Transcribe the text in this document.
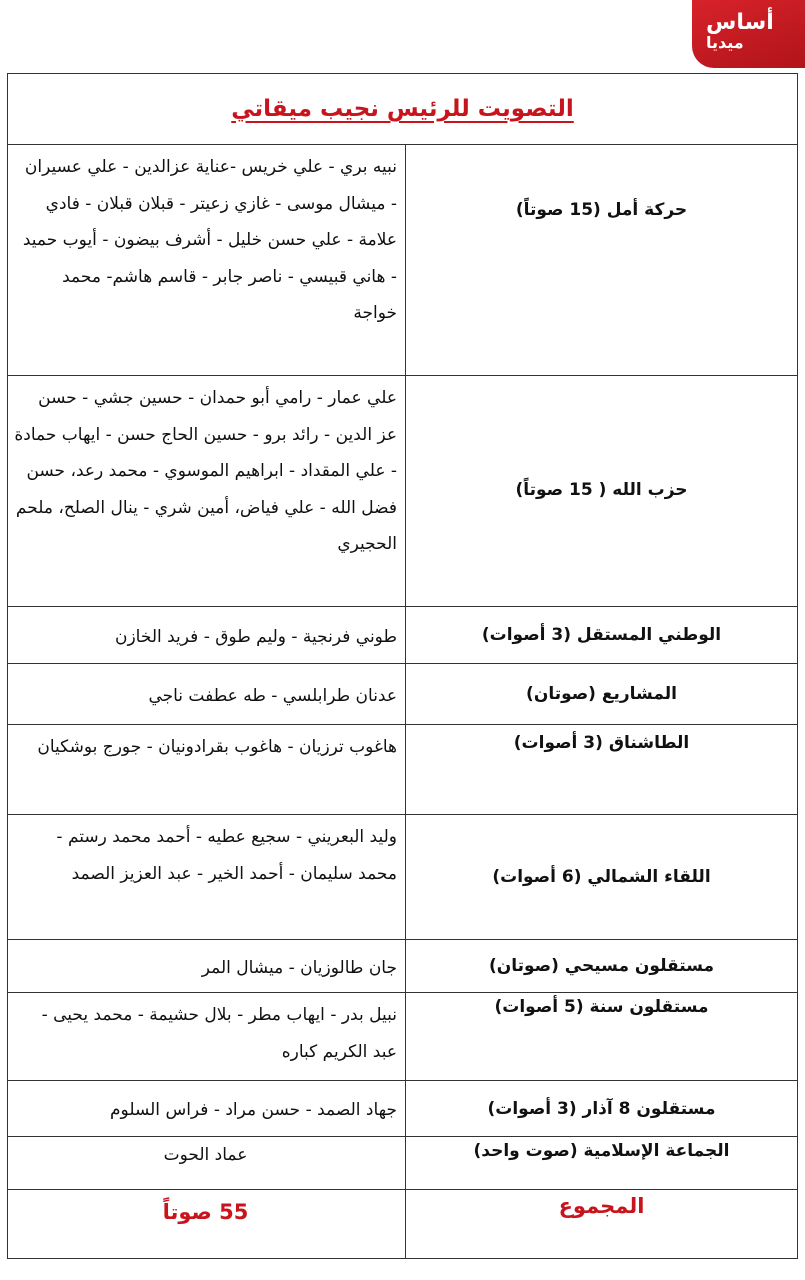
أساس
ميديا
التصويت للرئيس نجيب ميقاتي
حركة أمل (15 صوتاً)
نبيه بري - علي خريس -عناية عزالدين - علي عسيران - ميشال موسى - غازي زعيتر - قبلان قبلان - فادي علامة - علي حسن خليل - أشرف بيضون - أيوب حميد - هاني قبيسي - ناصر جابر - قاسم هاشم- محمد خواجة
حزب الله ( 15 صوتاً)
علي عمار - رامي أبو حمدان - حسين جشي - حسن عز الدين - رائد برو - حسين الحاج حسن - ايهاب حمادة - علي المقداد - ابراهيم الموسوي - محمد رعد، حسن فضل الله - علي فياض، أمين شري - ينال الصلح، ملحم الحجيري
الوطني المستقل (3 أصوات)
طوني فرنجية - وليم طوق - فريد الخازن
المشاريع (صوتان)
عدنان طرابلسي - طه عطفت ناجي
الطاشناق (3 أصوات)
هاغوب ترزيان - هاغوب بقرادونيان - جورج بوشكيان
اللقاء الشمالي (6 أصوات)
وليد البعريني - سجيع عطيه - أحمد محمد رستم - محمد سليمان - أحمد الخير - عبد العزيز الصمد
مستقلون مسيحي (صوتان)
جان طالوزيان - ميشال المر
مستقلون سنة (5 أصوات)
نبيل بدر - ايهاب مطر - بلال حشيمة - محمد يحيى - عبد الكريم كباره
مستقلون 8 آذار (3 أصوات)
جهاد الصمد - حسن مراد - فراس السلوم
الجماعة الإسلامية (صوت واحد)
عماد الحوت
المجموع
55 صوتاً
